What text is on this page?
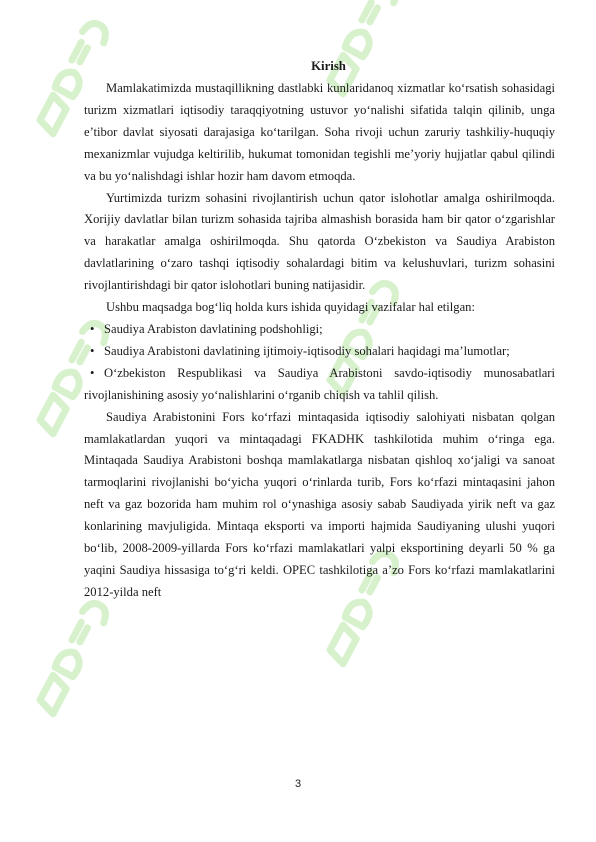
Kirish

Mamlakatimizda mustaqillikning dastlabki kunlaridanoq xizmatlar ko‘rsatish sohasidagi turizm xizmatlari iqtisodiy taraqqiyotning ustuvor yo‘nalishi sifatida talqin qilinib, unga e’tibor davlat siyosati darajasiga ko‘tarilgan. Soha rivoji uchun zaruriy tashkiliy-huquqiy mexanizmlar vujudga keltirilib, hukumat tomonidan tegishli me’yoriy hujjatlar qabul qilindi va bu yo‘nalishdagi ishlar hozir ham davom etmoqda.

Yurtimizda turizm sohasini rivojlantirish uchun qator islohotlar amalga oshirilmoqda. Xorijiy davlatlar bilan turizm sohasida tajriba almashish borasida ham bir qator o‘zgarishlar va harakatlar amalga oshirilmoqda. Shu qatorda O‘zbekiston va Saudiya Arabiston davlatlarining o‘zaro tashqi iqtisodiy sohalardagi bitim va kelushuvlari, turizm sohasini rivojlantirishdagi bir qator islohotlari buning natijasidir.

Ushbu maqsadga bog‘liq holda kurs ishida quyidagi vazifalar hal etilgan:

• Saudiya Arabiston davlatining podshohligi;
• Saudiya Arabistoni davlatining ijtimoiy-iqtisodiy sohalari haqidagi ma’lumotlar;
• O‘zbekiston Respublikasi va Saudiya Arabistoni savdo-iqtisodiy munosabatlari rivojlanishining asosiy yo‘nalishlarini o‘rganib chiqish va tahlil qilish.

Saudiya Arabistonini Fors ko‘rfazi mintaqasida iqtisodiy salohiyati nisbatan qolgan mamlakatlardan yuqori va mintaqadagi FKADHK tashkilotida muhim o‘ringa ega. Mintaqada Saudiya Arabistoni boshqa mamlakatlarga nisbatan qishloq xo‘jaligi va sanoat tarmoqlarini rivojlanishi bo‘yicha yuqori o‘rinlarda turib, Fors ko‘rfazi mintaqasini jahon neft va gaz bozorida ham muhim rol o‘ynashiga asosiy sabab Saudiyada yirik neft va gaz konlarining mavjuligida. Mintaqa eksporti va importi hajmida Saudiyaning ulushi yuqori bo‘lib, 2008-2009-yillarda Fors ko‘rfazi mamlakatlari yalpi eksportining deyarli 50 % ga yaqini Saudiya hissasiga to‘g‘ri keldi. OPEC tashkilotiga a’zo Fors ko‘rfazi mamlakatlarini 2012-yilda neft

3
